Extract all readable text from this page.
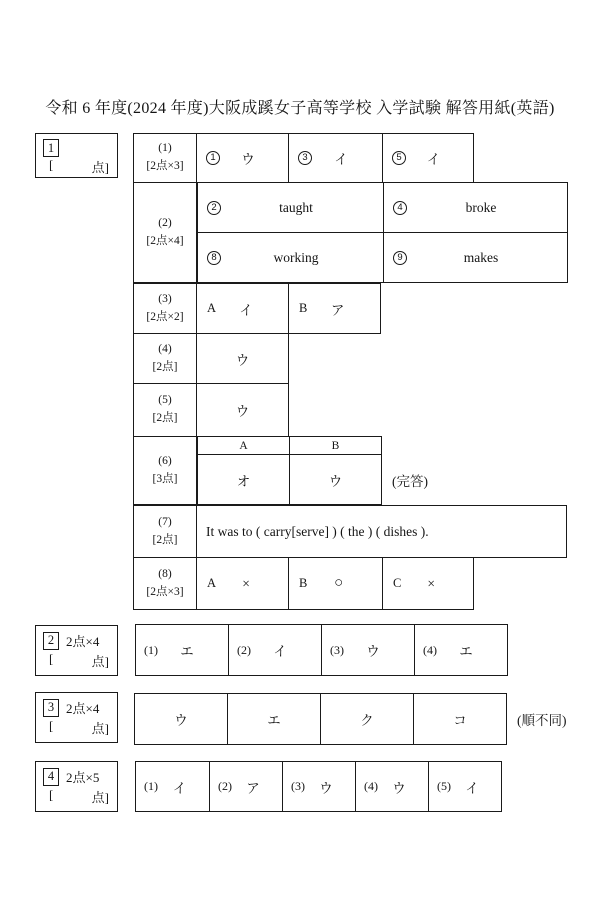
令和 6 年度(2024 年度)大阪成蹊女子高等学校 入学試験 解答用紙(英語)
1
[	点]
(1)
[2点×3]
1	ウ	3	イ	5	イ
(2)
[2点×4]
2	taught	4	broke
8	working	9	makes
(3)
[2点×2]
A	イ	B	ア
(4)
[2点]	ウ
(5)
[2点]	ウ
(6)
[3点]
A	B
オ	ウ	(完答)
(7)
[2点]
It was to ( carry[serve] ) ( the ) ( dishes ).
(8)
[2点×3]
A	×	B	○	C	×
2 2点×4
[	点]
(1)	エ	(2)	イ	(3)	ウ	(4)	エ
3 2点×4
[	点]
ウ	エ	ク	コ	(順不同)
4 2点×5
[	点]
(1)	イ	(2)	ア	(3)	ウ	(4)	ウ	(5)	イ
